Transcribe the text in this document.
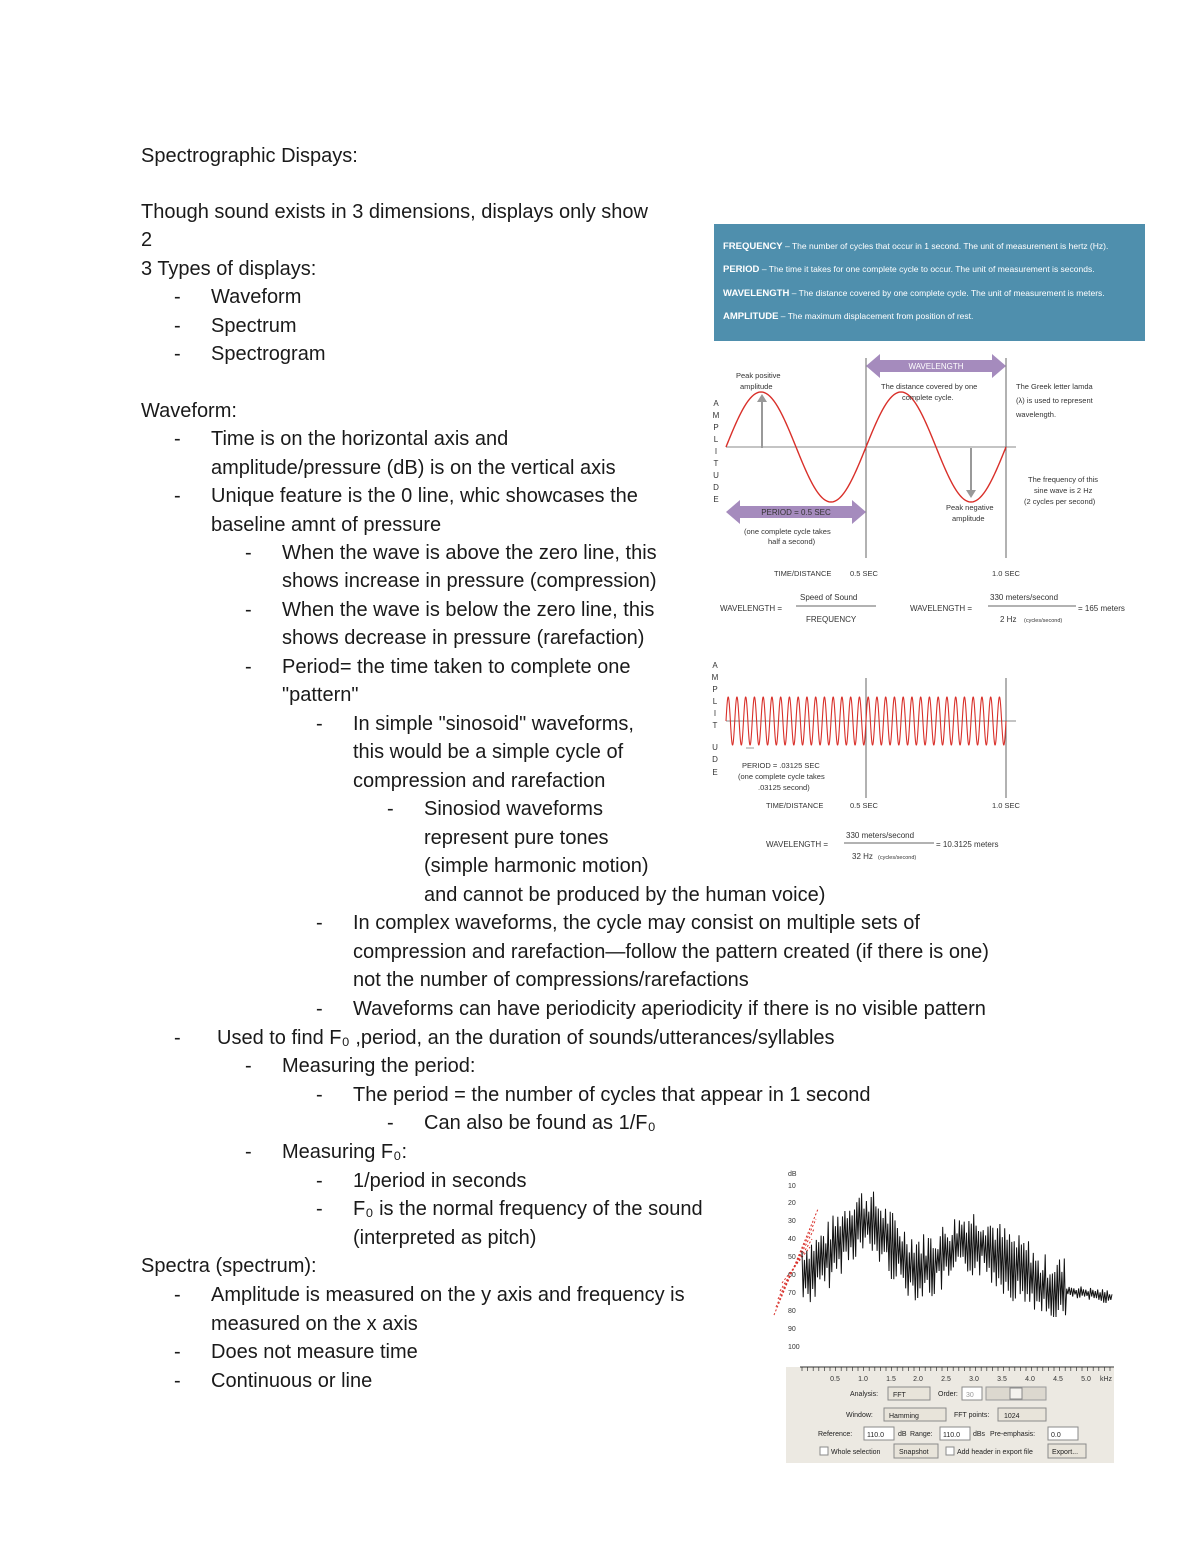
Spectrographic Dispays:
Though sound exists in 3 dimensions, displays only show
2
3 Types of displays:
- Waveform
- Spectrum
- Spectrogram
Waveform:
- Time is on the horizontal axis and
amplitude/pressure (dB) is on the vertical axis
- Unique feature is the 0 line, whic showcases the
baseline amnt of pressure
- When the wave is above the zero line, this
shows increase in pressure (compression)
- When the wave is below the zero line, this
shows decrease in pressure (rarefaction)
- Period= the time taken to complete one
"pattern"
- In simple "sinosoid" waveforms,
this would be a simple cycle of
compression and rarefaction
- Sinosiod waveforms
represent pure tones
(simple harmonic motion)
and cannot be produced by the human voice)
- In complex waveforms, the cycle may consist on multiple sets of
compression and rarefaction—follow the pattern created (if there is one)
not the number of compressions/rarefactions
- Waveforms can have periodicity aperiodicity if there is no visible pattern
- Used to find F₀ ,period, an the duration of sounds/utterances/syllables
- Measuring the period:
- The period = the number of cycles that appear in 1 second
- Can also be found as 1/F₀
- Measuring F₀:
- 1/period in seconds
- F₀ is the normal frequency of the sound
(interpreted as pitch)
Spectra (spectrum):
- Amplitude is measured on the y axis and frequency is
measured on the x axis
- Does not measure time
- Continuous or line
FREQUENCY – The number of cycles that occur in 1 second. The unit of measurement is hertz (Hz).
PERIOD – The time it takes for one complete cycle to occur. The unit of measurement is seconds.
WAVELENGTH – The distance covered by one complete cycle. The unit of measurement is meters.
AMPLITUDE – The maximum displacement from position of rest.
A
M
P
L
I
T
U
D
E
WAVELENGTH
Peak positive
amplitude	The distance covered by one
complete cycle.
The Greek letter lamda
(λ) is used to represent
wavelength.
The frequency of this
sine wave is 2 Hz
(2 cycles per second)
Peak negative
amplitude
PERIOD = 0.5 SEC
(one complete cycle takes
half a second)
TIME/DISTANCE 0.5 SEC	1.0 SEC
WAVELENGTH =
Speed of Sound
FREQUENCY
WAVELENGTH =
330 meters/second
2 Hz (cycles/second)
= 165 meters
A
M
P
L
I
T
U
D
E
PERIOD = .03125 SEC
(one complete cycle takes
.03125 second)
TIME/DISTANCE	0.5 SEC	1.0 SEC
WAVELENGTH =
330 meters/second
32 Hz (cycles/second)
= 10.3125 meters
dB
10
20
30
40
50
60
70
80
90
100
0.5	1.0	1.5 2.0	2.5	3.0	3.5	4.0	4.5	5.0 kHz
Analysis: FFT	Order: 30
Window: Hamming	FFT points: 1024
Reference: 110.0 dB Range: 110.0 dBs Pre-emphasis: 0.0
Whole selection	Snapshot	Add header in export file	Export...
